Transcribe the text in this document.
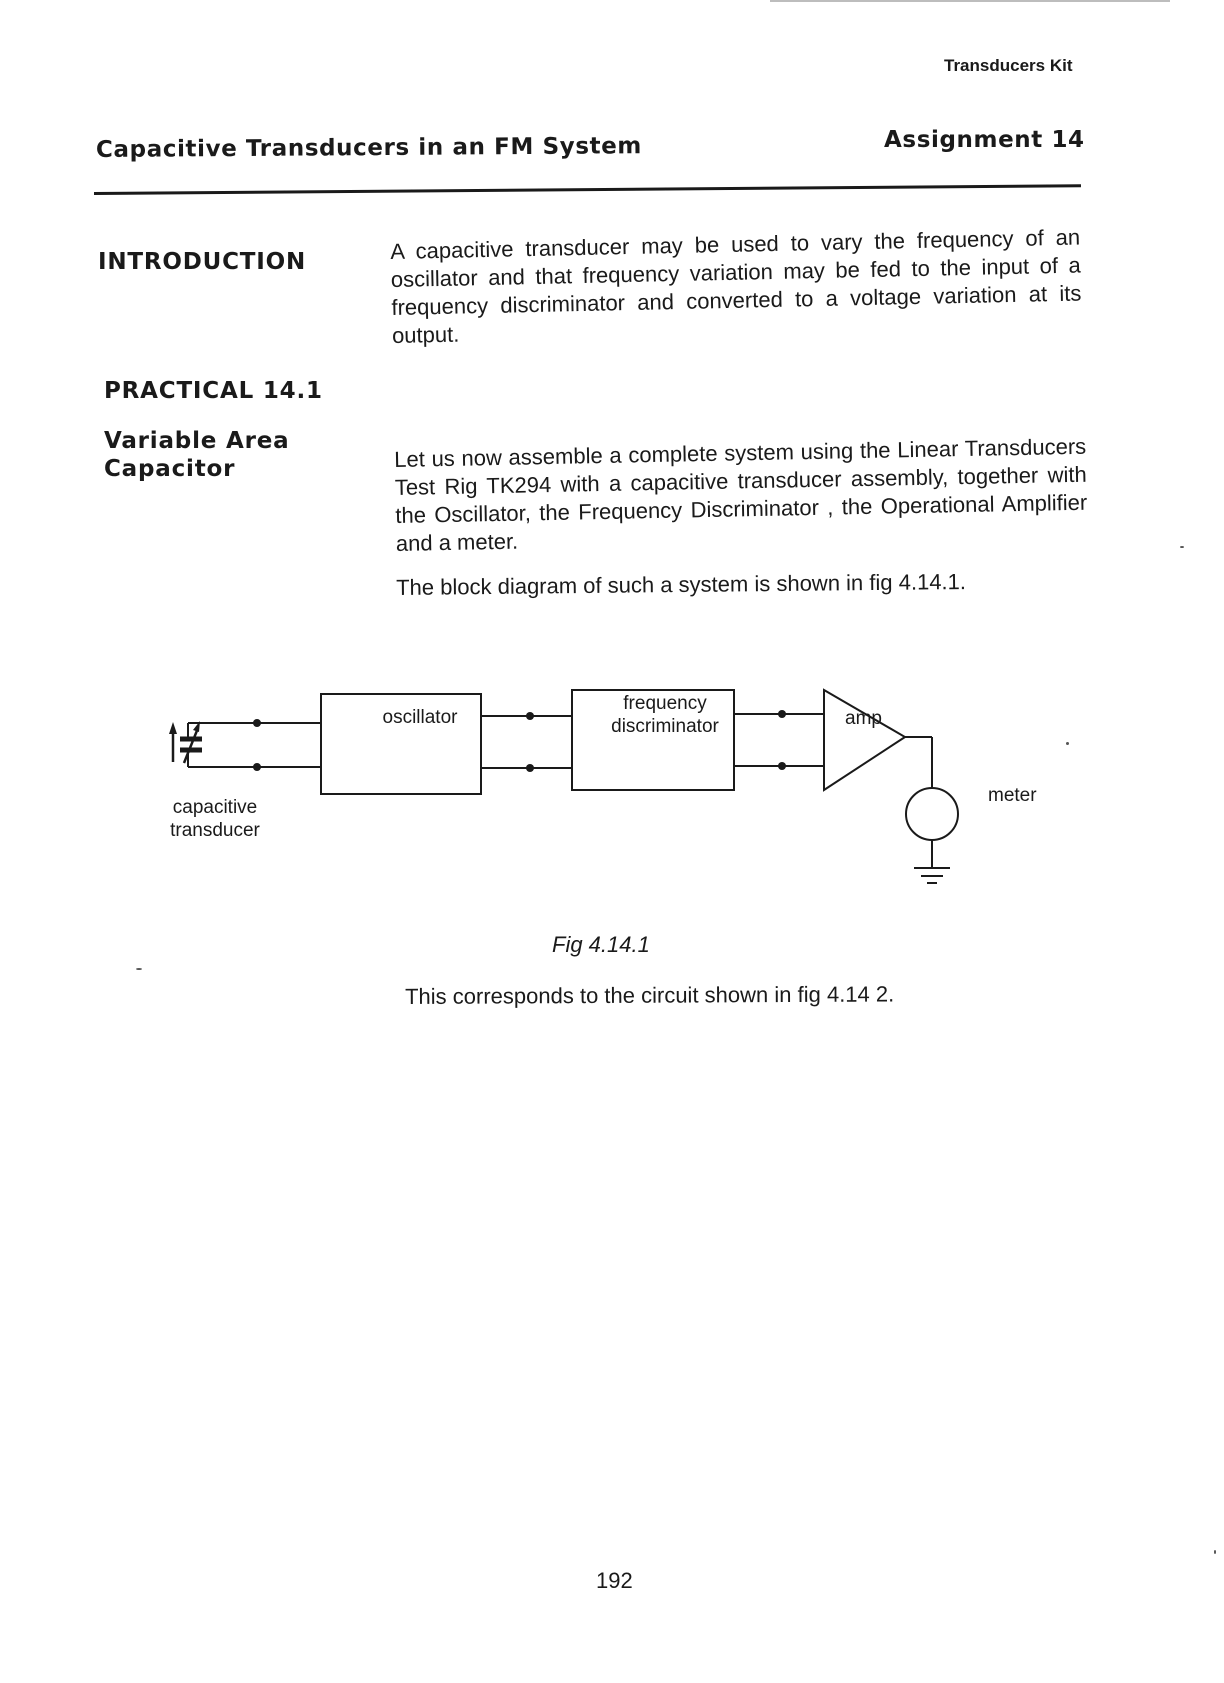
Transducers Kit
Capacitive Transducers in an FM System	Assignment 14
INTRODUCTION	A capacitive transducer may be used to vary the frequency of an oscillator and that frequency variation may be fed to the input of a frequency discriminator and converted to a voltage variation at its output.
PRACTICAL 14.1
Variable Area Capacitor	Let us now assemble a complete system using the Linear Transducers Test Rig TK294 with a capacitive transducer assembly, together with the Oscillator, the Frequency Discriminator , the Operational Amplifier and a meter.
The block diagram of such a system is shown in fig 4.14.1.
oscillator
frequency
discriminator	amp
meter
capacitive
transducer
Fig 4.14.1
This corresponds to the circuit shown in fig 4.14 2.
192
